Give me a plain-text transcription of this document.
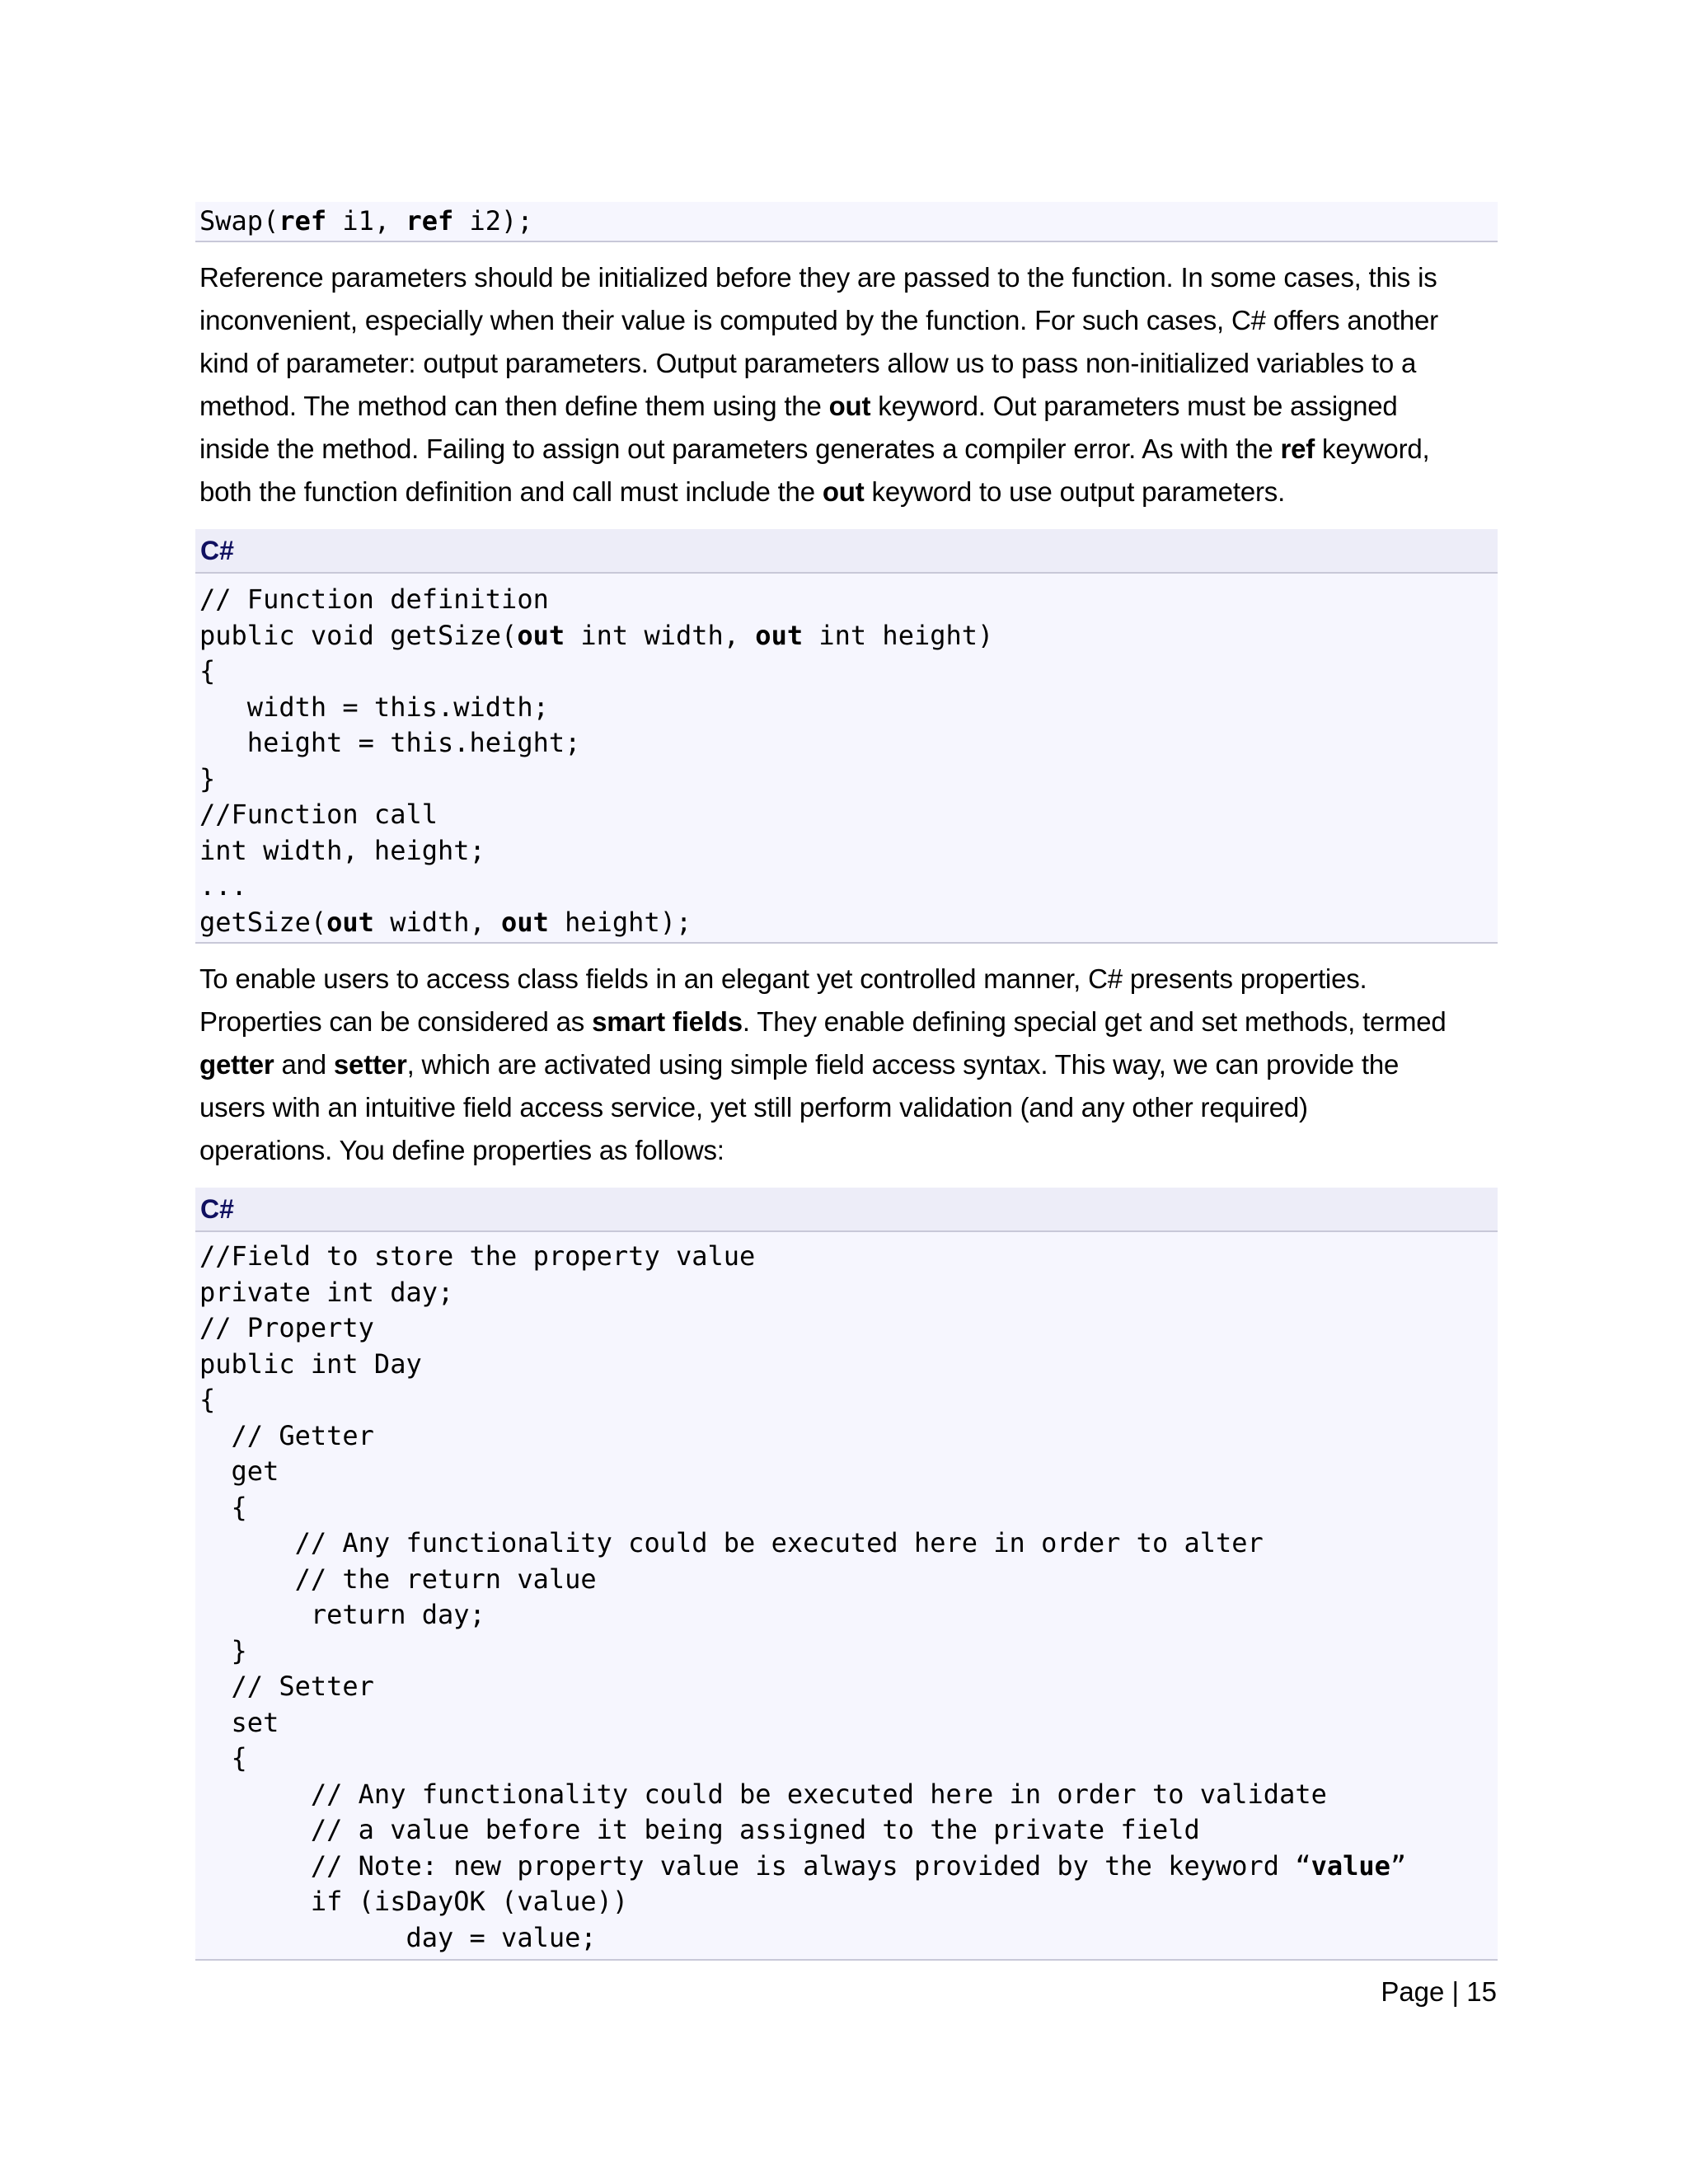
Swap(ref i1, ref i2);
Reference parameters should be initialized before they are passed to the function. In some cases, this is
inconvenient, especially when their value is computed by the function. For such cases, C# offers another
kind of parameter: output parameters. Output parameters allow us to pass non-initialized variables to a
method. The method can then define them using the out keyword. Out parameters must be assigned
inside the method. Failing to assign out parameters generates a compiler error. As with the ref keyword,
both the function definition and call must include the out keyword to use output parameters.
C#
// Function definition
public void getSize(out int width, out int height)
{
width = this.width;
height = this.height;
}
//Function call
int width, height;
...
getSize(out width, out height);
To enable users to access class fields in an elegant yet controlled manner, C# presents properties.
Properties can be considered as smart fields. They enable defining special get and set methods, termed
getter and setter, which are activated using simple field access syntax. This way, we can provide the
users with an intuitive field access service, yet still perform validation (and any other required)
operations. You define properties as follows:
C#
//Field to store the property value
private int day;
// Property
public int Day
{
// Getter
get
{
// Any functionality could be executed here in order to alter
// the return value
return day;
}
// Setter
set
{
// Any functionality could be executed here in order to validate
// a value before it being assigned to the private field
// Note: new property value is always provided by the keyword “value”
if (isDayOK (value))
day = value;
Page | 15
